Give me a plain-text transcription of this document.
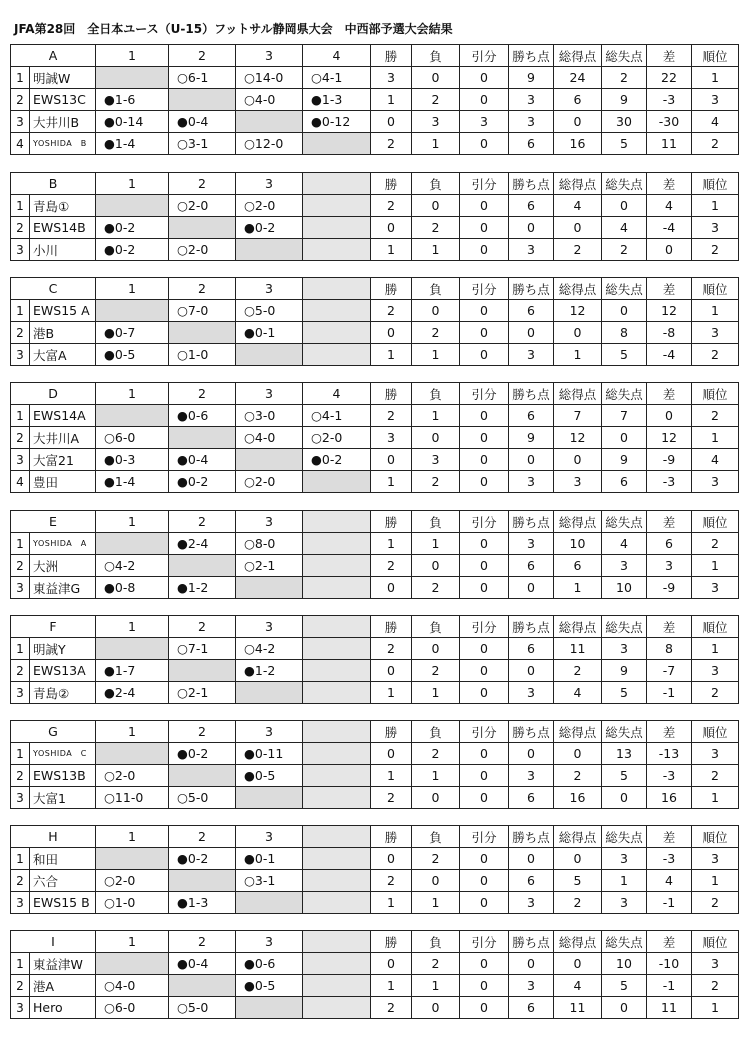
JFA第28回　全日本ユース（U-15）フットサル静岡県大会　中西部予選大会結果
A		1	2	3	4	勝	負	引分	勝ち点	総得点	総失点	差	順位
1	明誠W		○6-1	○14-0	○4-1	3	0	0	9	24	2	22	1
2	EWS13C	●1-6		○4-0	●1-3	1	2	0	3	6	9	-3	3
3	大井川B	●0-14	●0-4		●0-12	0	3	3	3	0	30	-30	4
4	YOSHIDA　B	●1-4	○3-1	○12-0		2	1	0	6	16	5	11	2
B		1	2	3		勝	負	引分	勝ち点	総得点	総失点	差	順位
1	青島①		○2-0	○2-0		2	0	0	6	4	0	4	1
2	EWS14B	●0-2		●0-2		0	2	0	0	0	4	-4	3
3	小川	●0-2	○2-0			1	1	0	3	2	2	0	2
C		1	2	3		勝	負	引分	勝ち点	総得点	総失点	差	順位
1	EWS15 A		○7-0	○5-0		2	0	0	6	12	0	12	1
2	港B	●0-7		●0-1		0	2	0	0	0	8	-8	3
3	大富A	●0-5	○1-0			1	1	0	3	1	5	-4	2
D		1	2	3	4	勝	負	引分	勝ち点	総得点	総失点	差	順位
1	EWS14A		●0-6	○3-0	○4-1	2	1	0	6	7	7	0	2
2	大井川A	○6-0		○4-0	○2-0	3	0	0	9	12	0	12	1
3	大富21	●0-3	●0-4		●0-2	0	3	0	0	0	9	-9	4
4	豊田	●1-4	●0-2	○2-0		1	2	0	3	3	6	-3	3
E		1	2	3		勝	負	引分	勝ち点	総得点	総失点	差	順位
1	YOSHIDA　A		●2-4	○8-0		1	1	0	3	10	4	6	2
2	大洲	○4-2		○2-1		2	0	0	6	6	3	3	1
3	東益津G	●0-8	●1-2			0	2	0	0	1	10	-9	3
F		1	2	3		勝	負	引分	勝ち点	総得点	総失点	差	順位
1	明誠Y		○7-1	○4-2		2	0	0	6	11	3	8	1
2	EWS13A	●1-7		●1-2		0	2	0	0	2	9	-7	3
3	青島②	●2-4	○2-1			1	1	0	3	4	5	-1	2
G		1	2	3		勝	負	引分	勝ち点	総得点	総失点	差	順位
1	YOSHIDA　C		●0-2	●0-11		0	2	0	0	0	13	-13	3
2	EWS13B	○2-0		●0-5		1	1	0	3	2	5	-3	2
3	大富1	○11-0	○5-0			2	0	0	6	16	0	16	1
H		1	2	3		勝	負	引分	勝ち点	総得点	総失点	差	順位
1	和田		●0-2	●0-1		0	2	0	0	0	3	-3	3
2	六合	○2-0		○3-1		2	0	0	6	5	1	4	1
3	EWS15 B	○1-0	●1-3			1	1	0	3	2	3	-1	2
I		1	2	3		勝	負	引分	勝ち点	総得点	総失点	差	順位
1	東益津W		●0-4	●0-6		0	2	0	0	0	10	-10	3
2	港A	○4-0		●0-5		1	1	0	3	4	5	-1	2
3	Hero	○6-0	○5-0			2	0	0	6	11	0	11	1
